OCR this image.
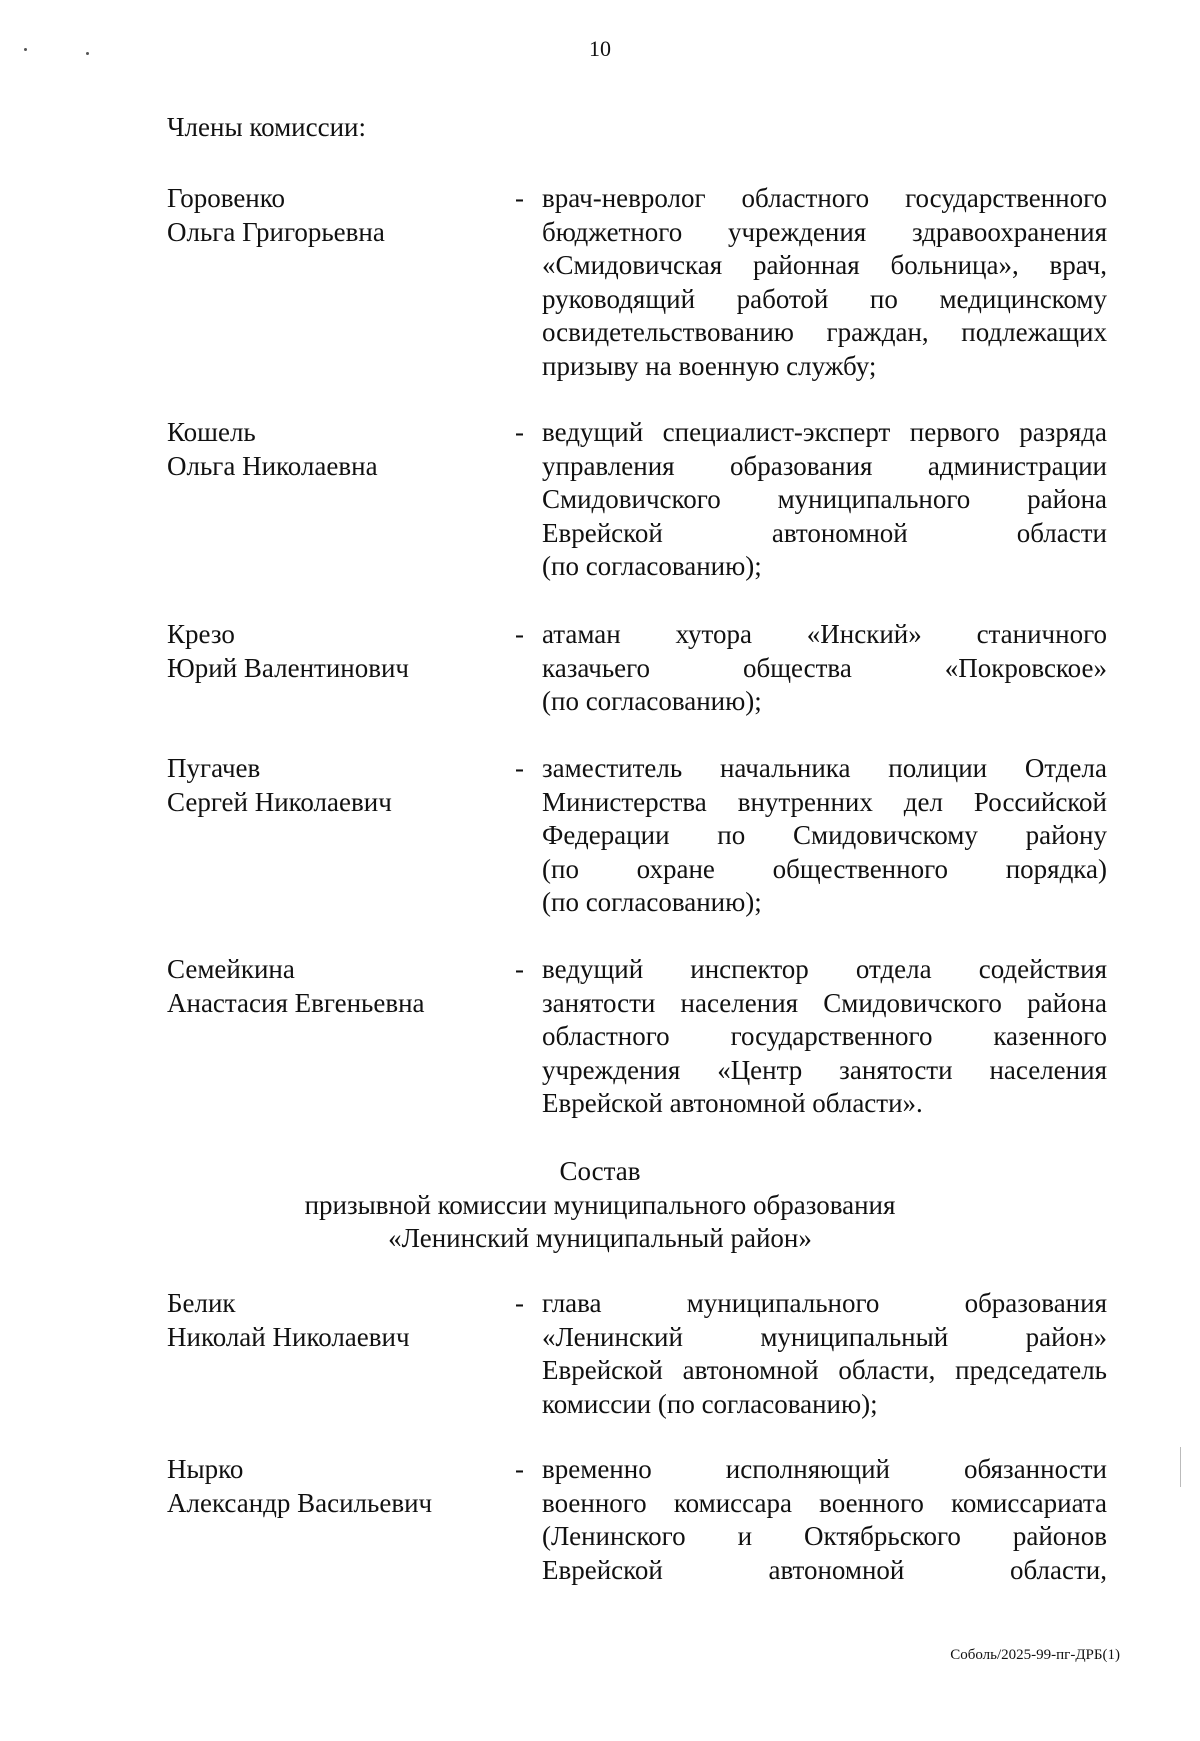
10
Члены комиссии:
Горовенко
Ольга Григорьевна
- врач-невролог областного государственного
бюджетного учреждения здравоохранения
«Смидовичская районная больница», врач,
руководящий работой по медицинскому
освидетельствованию граждан, подлежащих
призыву на военную службу;
Кошель
Ольга Николаевна
- ведущий специалист-эксперт первого разряда
управления образования администрации
Смидовичского муниципального района
Еврейской автономной области
(по согласованию);
Крезо
Юрий Валентинович
- атаман хутора «Инский» станичного
казачьего общества «Покровское»
(по согласованию);
Пугачев
Сергей Николаевич
- заместитель начальника полиции Отдела
Министерства внутренних дел Российской
Федерации по Смидовичскому району
(по охране общественного порядка)
(по согласованию);
Семейкина
Анастасия Евгеньевна
- ведущий инспектор отдела содействия
занятости населения Смидовичского района
областного государственного казенного
учреждения «Центр занятости населения
Еврейской автономной области».
Состав
призывной комиссии муниципального образования
«Ленинский муниципальный район»
Белик
Николай Николаевич
- глава муниципального образования
«Ленинский муниципальный район»
Еврейской автономной области, председатель
комиссии (по согласованию);
Нырко
Александр Васильевич
- временно исполняющий обязанности
военного комиссара военного комиссариата
(Ленинского и Октябрьского районов
Еврейской автономной области,
Соболь/2025-99-пг-ДРБ(1)
